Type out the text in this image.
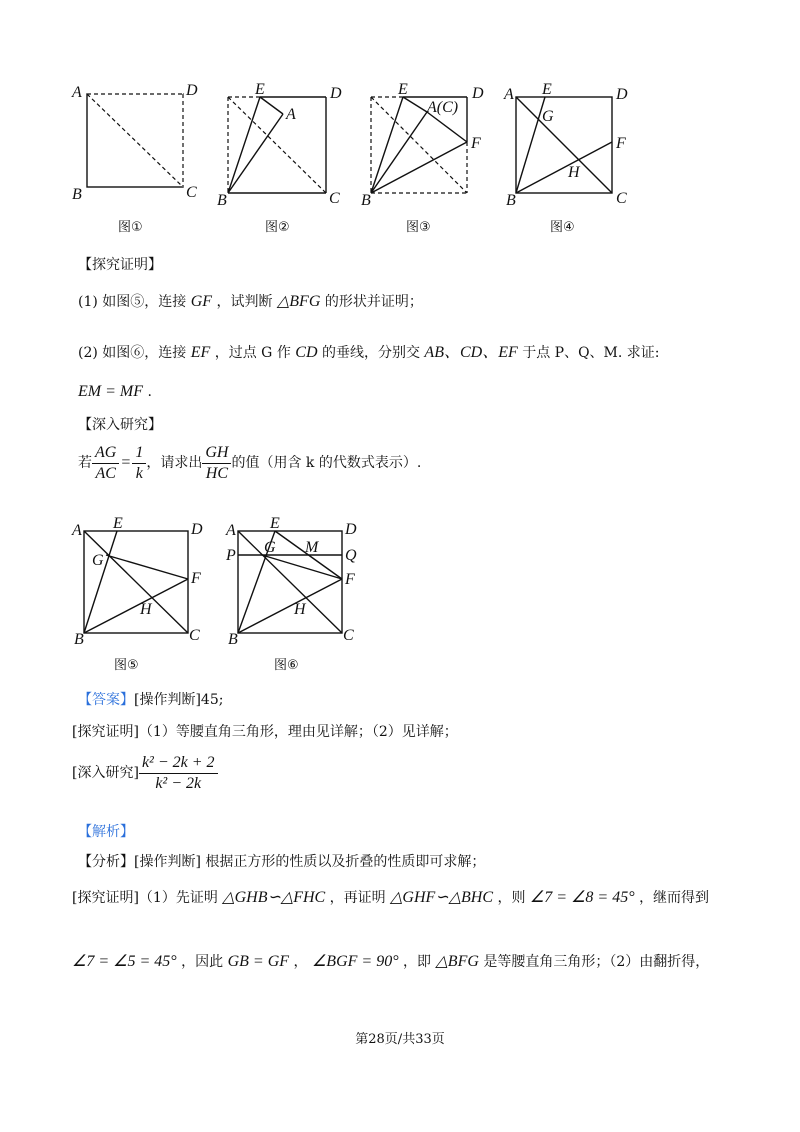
A	D
B	C
图①
E
A
D
B	C
图②
E
A(C)
D
F
B
图③
A E	D
G
F
H
B	C
图④
【探究证明】
(1) 如图⑤，连接 GF ，试判断 △BFG 的形状并证明；
(2) 如图⑥，连接 EF ，过点 G 作 CD 的垂线，分别交 AB、CD、EF 于点 P、Q、M. 求证:
EM = MF .
【深入研究】
若 $\frac{AG}{AC} = \frac{1}{k}$ ，请求出 $\frac{GH}{HC}$ 的值（用含 k 的代数式表示）.
A E	D
G
F
H
B	C
图⑤
A E	D
P G M Q
F
H
B	C
图⑥
【答案】[操作判断]45;
[探究证明]（1）等腰直角三角形，理由见详解；（2）见详解；
[深入研究] $\frac{\text{k² − 2k + 2}}{\text{k² − 2k}}$
【解析】
【分析】[操作判断] 根据正方形的性质以及折叠的性质即可求解；
[探究证明]（1）先证明 △GHB∽△FHC ，再证明 △GHF∽△BHC ，则 ∠7 = ∠8 = 45° ，继而得到
∠7 = ∠5 = 45° ，因此 GB = GF ， ∠BGF = 90° ，即 △BFG 是等腰直角三角形；（2）由翻折得，
第28页/共33页
